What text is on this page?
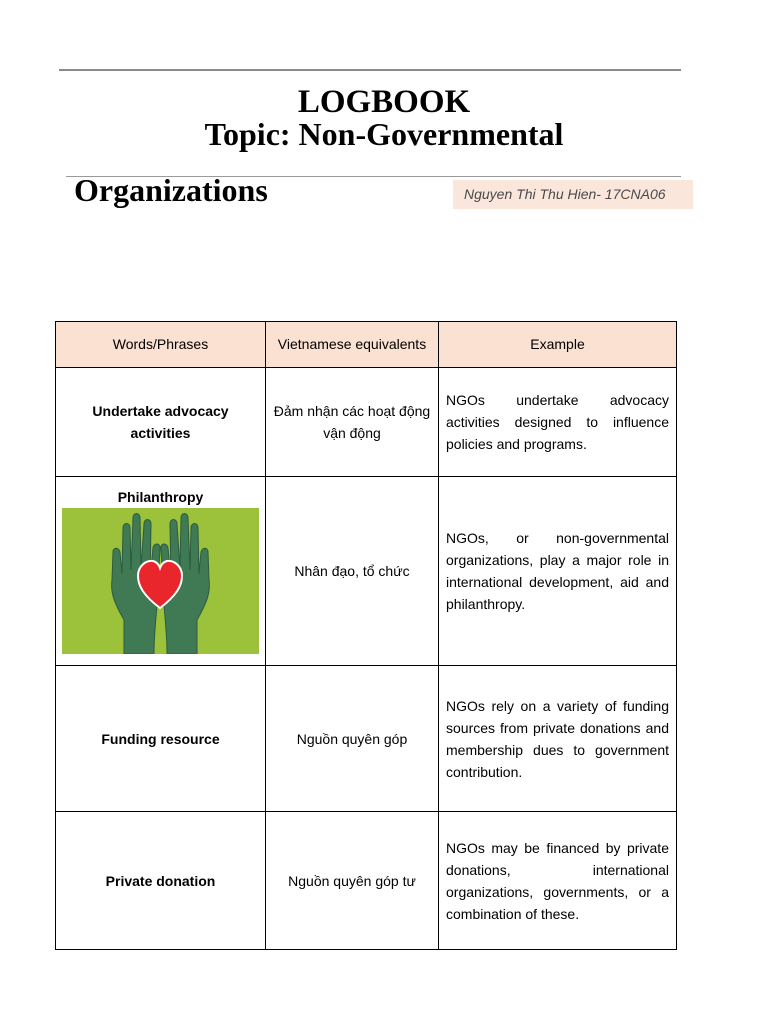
LOGBOOK
Topic: Non-Governmental
Organizations	Nguyen Thi Thu Hien- 17CNA06
Words/Phrases	Vietnamese equivalents	Example
Undertake advocacy activities	Đảm nhận các hoạt động vận động	NGOs undertake advocacy activities designed to influence policies and programs.

Philanthropy	Nhân đạo, tổ chức	NGOs, or non-governmental organizations, play a major role in international development, aid and philanthropy.
Funding resource	Nguồn quyên góp	NGOs rely on a variety of funding sources from private donations and membership dues to government contribution.
Private donation	Nguồn quyên góp tư	NGOs may be financed by private donations, international organizations, governments, or a combination of these.
